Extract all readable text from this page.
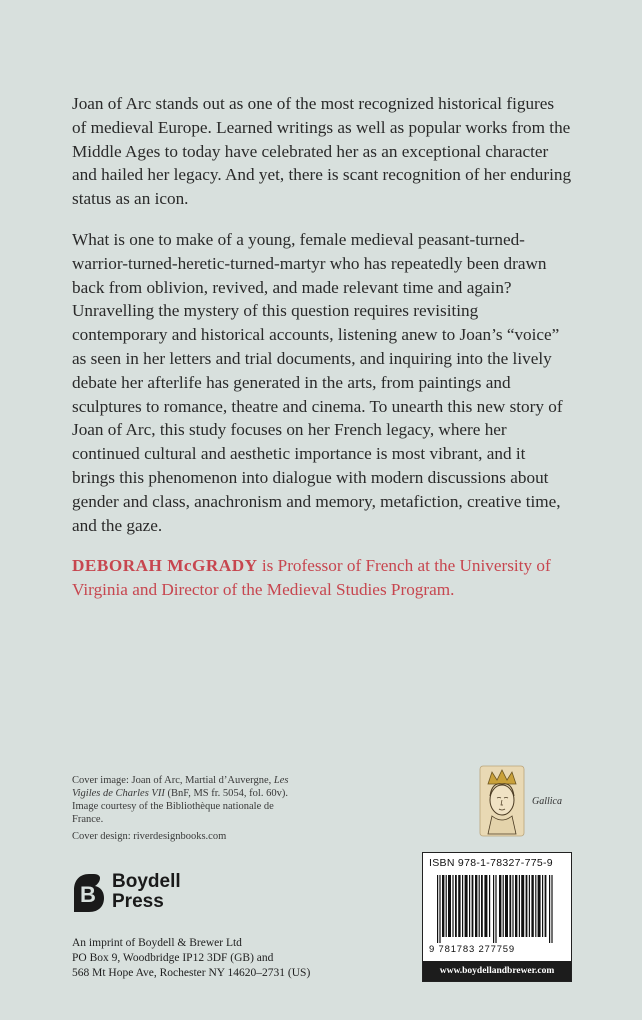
Joan of Arc stands out as one of the most recognized historical figures of medieval Europe. Learned writings as well as popular works from the Middle Ages to today have celebrated her as an exceptional character and hailed her legacy. And yet, there is scant recognition of her enduring status as an icon.

What is one to make of a young, female medieval peasant-turned-warrior-turned-heretic-turned-martyr who has repeatedly been drawn back from oblivion, revived, and made relevant time and again? Unravelling the mystery of this question requires revisiting contemporary and historical accounts, listening anew to Joan’s “voice” as seen in her letters and trial documents, and inquiring into the lively debate her afterlife has generated in the arts, from paintings and sculptures to romance, theatre and cinema. To unearth this new story of Joan of Arc, this study focuses on her French legacy, where her continued cultural and aesthetic importance is most vibrant, and it brings this phenomenon into dialogue with modern discussions about gender and class, anachronism and memory, metafiction, creative time, and the gaze.

DEBORAH McGRADY is Professor of French at the University of Virginia and Director of the Medieval Studies Program.

Cover image: Joan of Arc, Martial d’Auvergne, Les Vigiles de Charles VII (BnF, MS fr. 5054, fol. 60v). Image courtesy of the Bibliothèque nationale de France.

Cover design: riverdesignbooks.com

Gallica
B
Boydell
Press
An imprint of Boydell & Brewer Ltd
PO Box 9, Woodbridge IP12 3DF (GB) and
568 Mt Hope Ave, Rochester NY 14620–2731 (US)
ISBN 978-1-78327-775-9
9 781783 277759
www.boydellandbrewer.com
